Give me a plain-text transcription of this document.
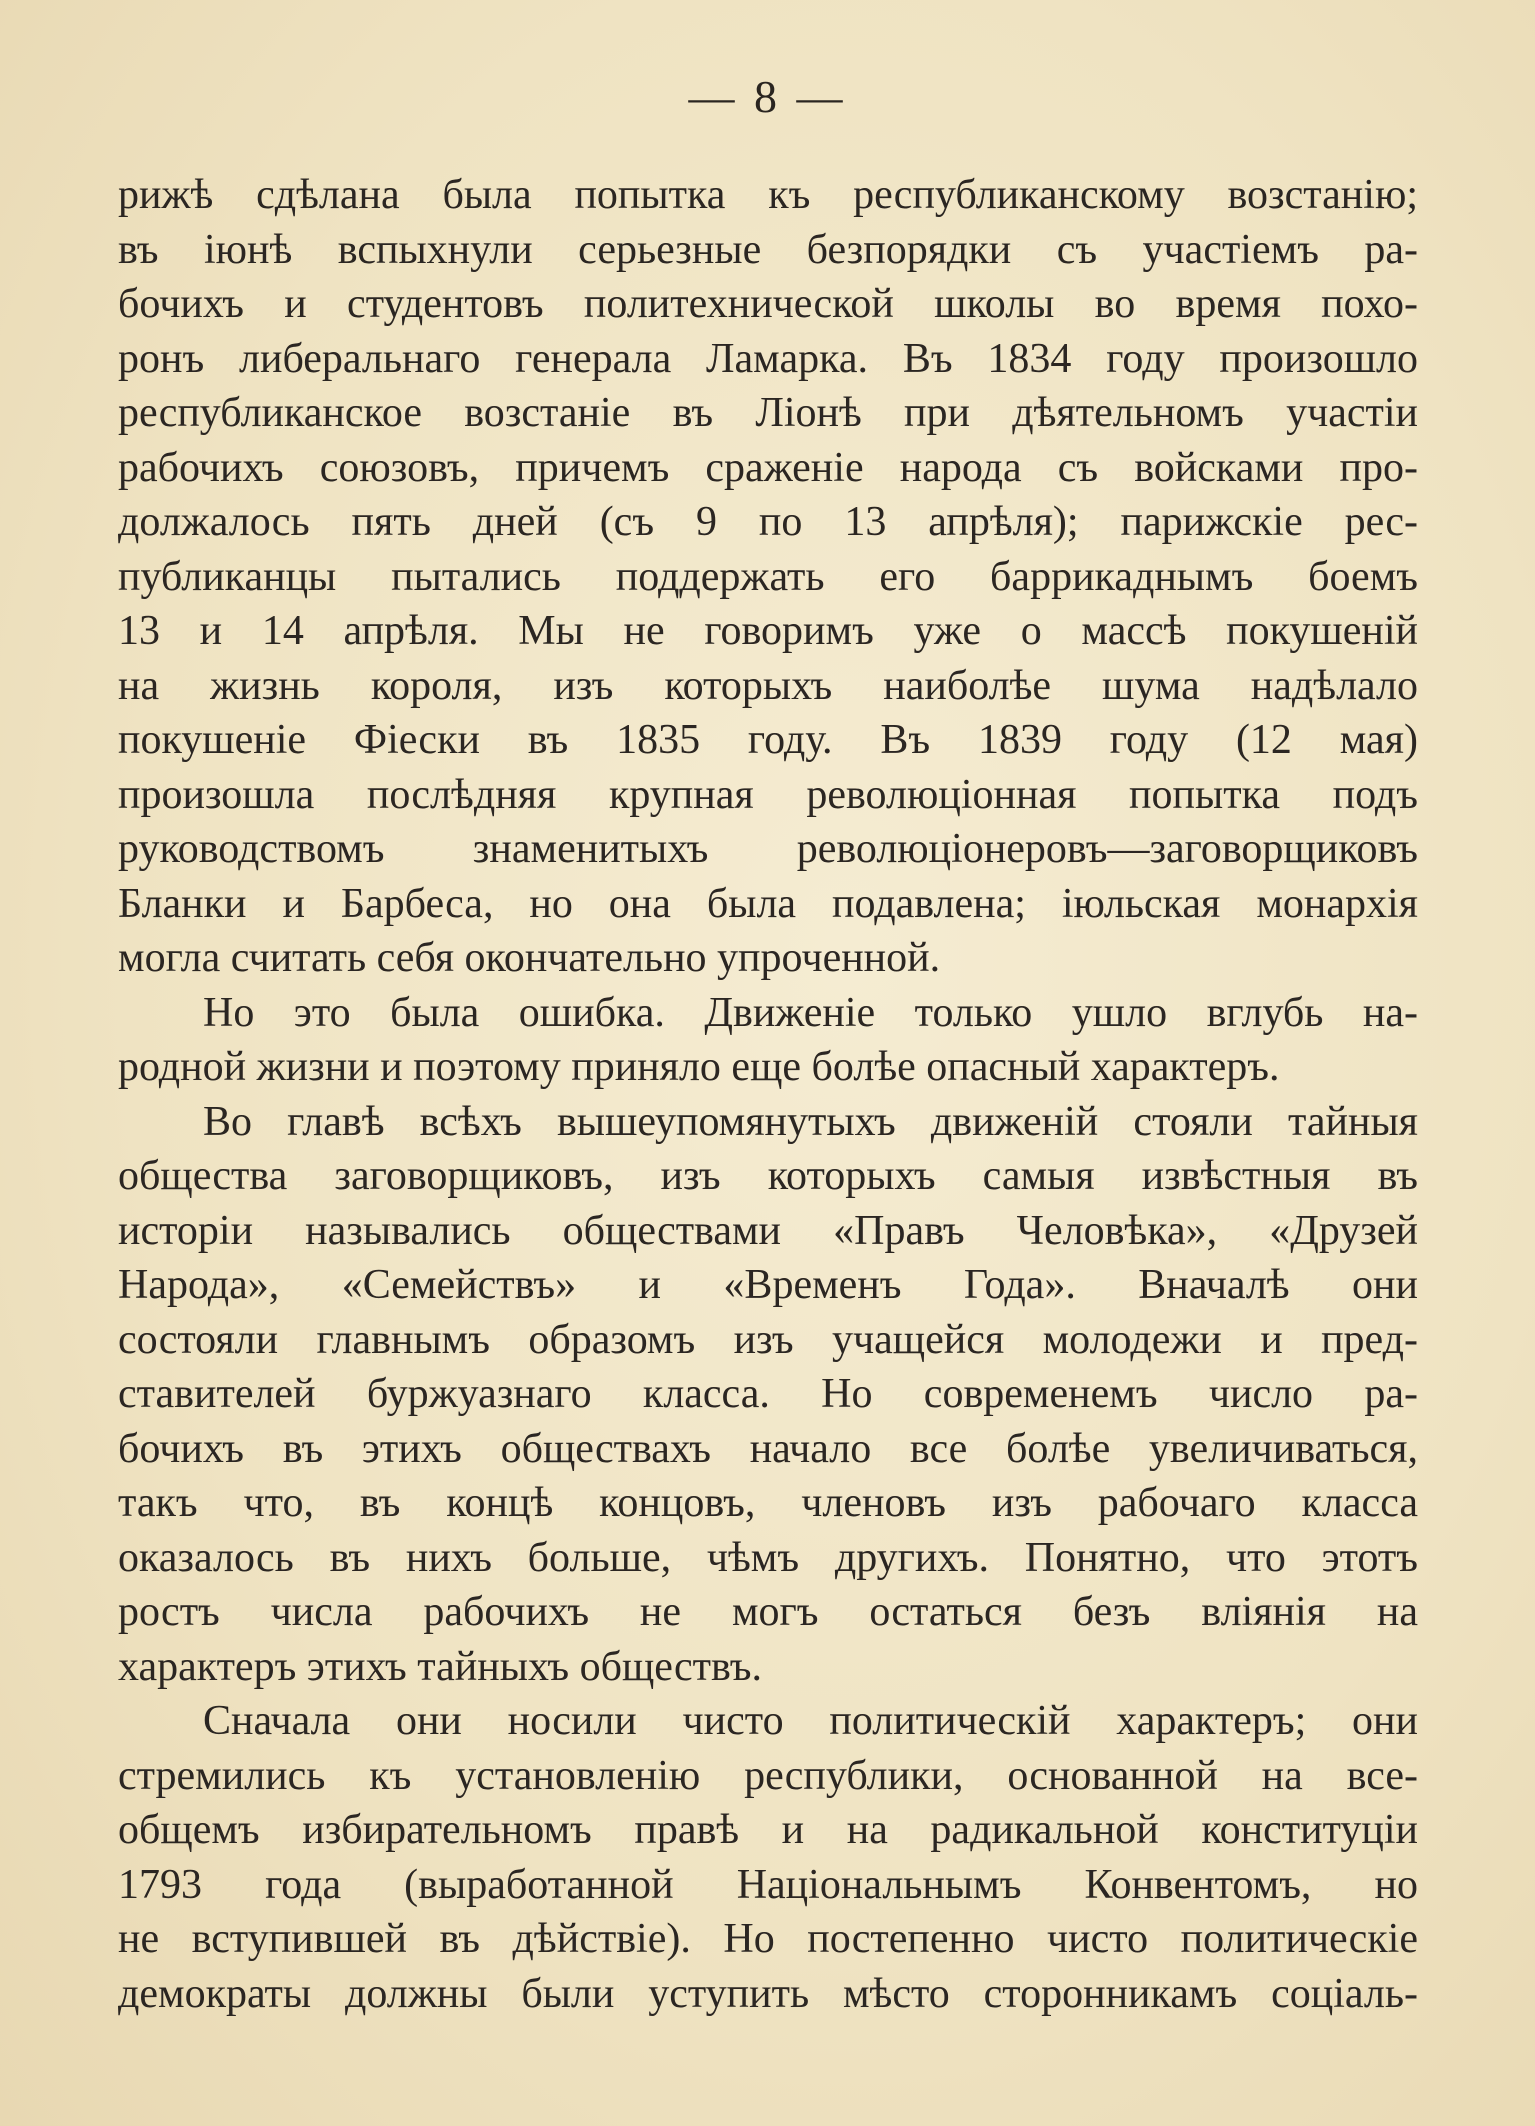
— 8 —
рижѣ сдѣлана была попытка къ республиканскому возстанію;
въ іюнѣ вспыхнули серьезные безпорядки съ участіемъ ра-
бочихъ и студентовъ политехнической школы во время похо-
ронъ либеральнаго генерала Ламарка. Въ 1834 году произошло
республиканское возстаніе въ Ліонѣ при дѣятельномъ участіи
рабочихъ союзовъ, причемъ сраженіе народа съ войсками про-
должалось пять дней (съ 9 по 13 апрѣля); парижскіе рес-
публиканцы пытались поддержать его баррикаднымъ боемъ
13 и 14 апрѣля. Мы не говоримъ уже о массѣ покушеній
на жизнь короля, изъ которыхъ наиболѣе шума надѣлало
покушеніе Фіески въ 1835 году. Въ 1839 году (12 мая)
произошла послѣдняя крупная революціонная попытка подъ
руководствомъ знаменитыхъ революціонеровъ—заговорщиковъ
Бланки и Барбеса, но она была подавлена; іюльская монархія
могла считать себя окончательно упроченной.
Но это была ошибка. Движеніе только ушло вглубь на-
родной жизни и поэтому приняло еще болѣе опасный характеръ.
Во главѣ всѣхъ вышеупомянутыхъ движеній стояли тайныя
общества заговорщиковъ, изъ которыхъ самыя извѣстныя въ
исторіи назывались обществами «Правъ Человѣка», «Друзей
Народа», «Семействъ» и «Временъ Года». Вначалѣ они
состояли главнымъ образомъ изъ учащейся молодежи и пред-
ставителей буржуазнаго класса. Но современемъ число ра-
бочихъ въ этихъ обществахъ начало все болѣе увеличиваться,
такъ что, въ концѣ концовъ, членовъ изъ рабочаго класса
оказалось въ нихъ больше, чѣмъ другихъ. Понятно, что этотъ
ростъ числа рабочихъ не могъ остаться безъ вліянія на
характеръ этихъ тайныхъ обществъ.
Сначала они носили чисто политическій характеръ; они
стремились къ установленію республики, основанной на все-
общемъ избирательномъ правѣ и на радикальной конституціи
1793 года (выработанной Національнымъ Конвентомъ, но
не вступившей въ дѣйствіе). Но постепенно чисто политическіе
демократы должны были уступить мѣсто сторонникамъ соціаль-
